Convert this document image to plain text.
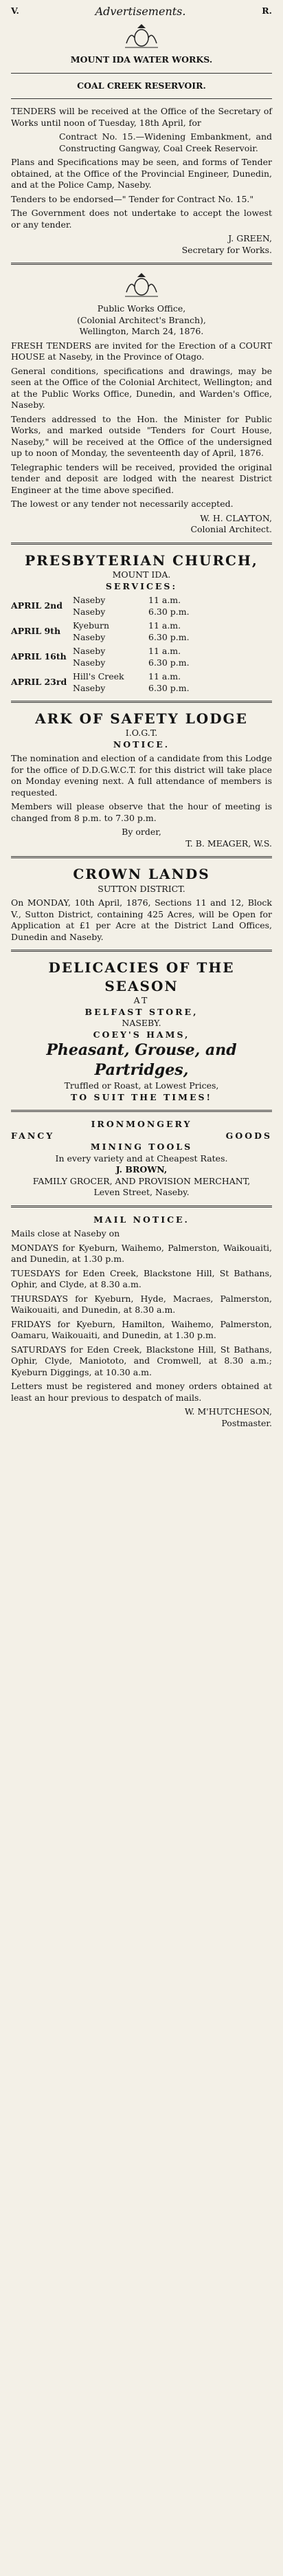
V.	Advertisements.	R.
MOUNT IDA WATER WORKS.
COAL CREEK RESERVOIR.

TENDERS will be received at the Office of the Secretary of Works until noon of Tuesday, 18th April, for

Contract No. 15.—Widening Embankment, and Constructing Gangway, Coal Creek Reservoir.

Plans and Specifications may be seen, and forms of Tender obtained, at the Office of the Provincial Engineer, Dunedin, and at the Police Camp, Naseby.

Tenders to be endorsed—" Tender for Contract No. 15."

The Government does not undertake to accept the lowest or any tender.

J. GREEN,
Secretary for Works.
Public Works Office,
(Colonial Architect's Branch),
Wellington, March 24, 1876.

FRESH TENDERS are invited for the Erection of a COURT HOUSE at Naseby, in the Province of Otago.

General conditions, specifications and drawings, may be seen at the Office of the Colonial Architect, Wellington; and at the Public Works Office, Dunedin, and Warden's Office, Naseby.

Tenders addressed to the Hon. the Minister for Public Works, and marked outside "Tenders for Court House, Naseby," will be received at the Office of the undersigned up to noon of Monday, the seventeenth day of April, 1876.

Telegraphic tenders will be received, provided the original tender and deposit are lodged with the nearest District Engineer at the time above specified.

The lowest or any tender not necessarily accepted.

W. H. CLAYTON,
Colonial Architect.
PRESBYTERIAN CHURCH,
MOUNT IDA.
SERVICES:
APRIL 2nd
Naseby	11 a.m.
Naseby	6.30 p.m.
APRIL 9th
Kyeburn	11 a.m.
Naseby	6.30 p.m.
APRIL 16th
Naseby	11 a.m.
Naseby	6.30 p.m.
APRIL 23rd
Hill's Creek	11 a.m.
Naseby	6.30 p.m.
ARK OF SAFETY LODGE
I.O.G.T.
NOTICE.

The nomination and election of a candidate from this Lodge for the office of D.D.G.W.C.T. for this district will take place on Monday evening next. A full attendance of members is requested.

Members will please observe that the hour of meeting is changed from 8 p.m. to 7.30 p.m.

By order,
T. B. MEAGER, W.S.
CROWN LANDS
SUTTON DISTRICT.

On MONDAY, 10th April, 1876, Sections 11 and 12, Block V., Sutton District, containing 425 Acres, will be Open for Application at £1 per Acre at the District Land Offices, Dunedin and Naseby.

DELICACIES OF THE SEASON
AT
BELFAST STORE,
NASEBY.
COEY'S HAMS,
Pheasant, Grouse, and Partridges,
Truffled or Roast, at Lowest Prices,
TO SUIT THE TIMES!
IRONMONGERY
FANCY	GOODS
MINING TOOLS
In every variety and at Cheapest Rates.
J. BROWN,
FAMILY GROCER, AND PROVISION MERCHANT,
Leven Street, Naseby.
MAIL NOTICE.

Mails close at Naseby on

MONDAYS for Kyeburn, Waihemo, Palmerston, Waikouaiti, and Dunedin, at 1.30 p.m.

TUESDAYS for Eden Creek, Blackstone Hill, St Bathans, Ophir, and Clyde, at 8.30 a.m.

THURSDAYS for Kyeburn, Hyde, Macraes, Palmerston, Waikouaiti, and Dunedin, at 8.30 a.m.

FRIDAYS for Kyeburn, Hamilton, Waihemo, Palmerston, Oamaru, Waikouaiti, and Dunedin, at 1.30 p.m.

SATURDAYS for Eden Creek, Blackstone Hill, St Bathans, Ophir, Clyde, Maniototo, and Cromwell, at 8.30 a.m.; Kyeburn Diggings, at 10.30 a.m.

Letters must be registered and money orders obtained at least an hour previous to despatch of mails.

W. M'HUTCHESON,
Postmaster.
